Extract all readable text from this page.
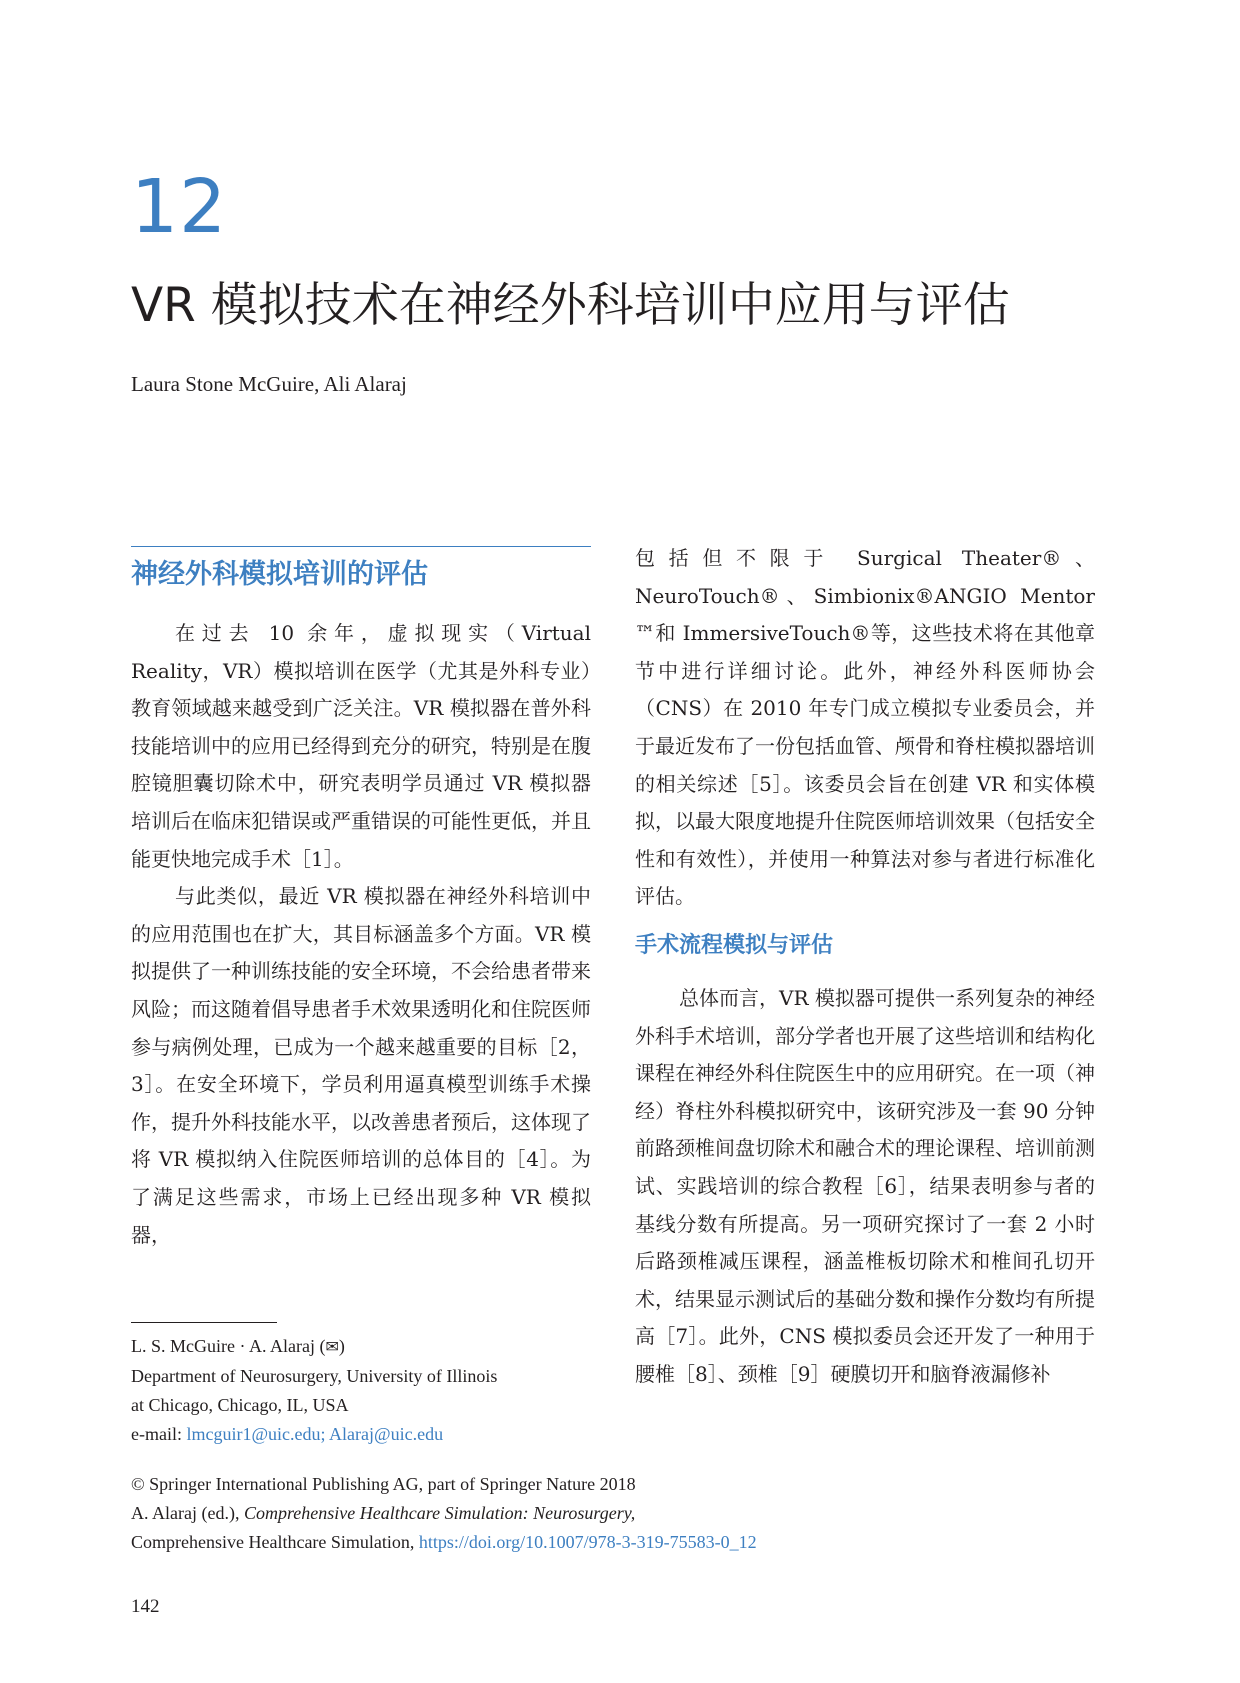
12
VR 模拟技术在神经外科培训中应用与评估
Laura Stone McGuire, Ali Alaraj
神经外科模拟培训的评估

在过去 10 余年，虚拟现实（Virtual Reality，VR）模拟培训在医学（尤其是外科专业）教育领域越来越受到广泛关注。VR 模拟器在普外科技能培训中的应用已经得到充分的研究，特别是在腹腔镜胆囊切除术中，研究表明学员通过 VR 模拟器培训后在临床犯错误或严重错误的可能性更低，并且能更快地完成手术［1］。

与此类似，最近 VR 模拟器在神经外科培训中的应用范围也在扩大，其目标涵盖多个方面。VR 模拟提供了一种训练技能的安全环境，不会给患者带来风险；而这随着倡导患者手术效果透明化和住院医师参与病例处理，已成为一个越来越重要的目标［2，3］。在安全环境下，学员利用逼真模型训练手术操作，提升外科技能水平，以改善患者预后，这体现了将 VR 模拟纳入住院医师培训的总体目的［4］。为了满足这些需求，市场上已经出现多种 VR 模拟器，

包括但不限于 Surgical Theater®、NeuroTouch®、Simbionix®ANGIO Mentor ™和 ImmersiveTouch®等，这些技术将在其他章节中进行详细讨论。此外，神经外科医师协会（CNS）在 2010 年专门成立模拟专业委员会，并于最近发布了一份包括血管、颅骨和脊柱模拟器培训的相关综述［5］。该委员会旨在创建 VR 和实体模拟，以最大限度地提升住院医师培训效果（包括安全性和有效性），并使用一种算法对参与者进行标准化评估。

手术流程模拟与评估

总体而言，VR 模拟器可提供一系列复杂的神经外科手术培训，部分学者也开展了这些培训和结构化课程在神经外科住院医生中的应用研究。在一项（神经）脊柱外科模拟研究中，该研究涉及一套 90 分钟前路颈椎间盘切除术和融合术的理论课程、培训前测试、实践培训的综合教程［6］，结果表明参与者的基线分数有所提高。另一项研究探讨了一套 2 小时后路颈椎减压课程，涵盖椎板切除术和椎间孔切开术，结果显示测试后的基础分数和操作分数均有所提高［7］。此外，CNS 模拟委员会还开发了一种用于腰椎［8］、颈椎［9］硬膜切开和脑脊液漏修补

L. S. McGuire · A. Alaraj (✉)
Department of Neurosurgery, University of Illinois
at Chicago, Chicago, IL, USA
e-mail: lmcguir1@uic.edu; Alaraj@uic.edu
© Springer International Publishing AG, part of Springer Nature 2018
A. Alaraj (ed.), Comprehensive Healthcare Simulation: Neurosurgery,
Comprehensive Healthcare Simulation, https://doi.org/10.1007/978-3-319-75583-0_12
142
